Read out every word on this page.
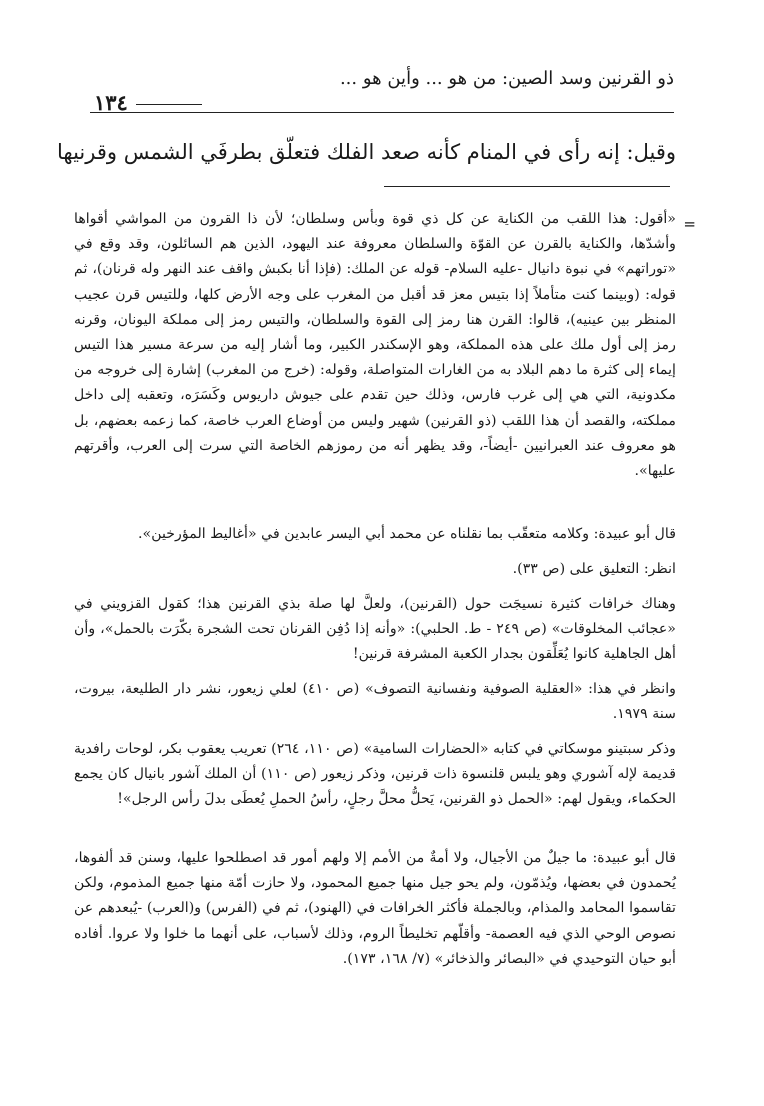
ذو القرنين وسد الصين: من هو ... وأين هو ...
١٣٤
وقيل: إنه رأى في المنام كأنه صعد الفلك فتعلّق بطرفَي الشمس وقرنيها
=
«أقول: هذا اللقب من الكناية عن كل ذي قوة وبأس وسلطان؛ لأن ذا القرون من المواشي أقواها وأشدّها، والكناية بالقرن عن القوّة والسلطان معروفة عند اليهود، الذين هم السائلون، وقد وقع في «توراتهم» في نبوة دانيال -عليه السلام- قوله عن الملك: (فإذا أنا بكبش واقف عند النهر وله قرنان)، ثم قوله: (وبينما كنت متأملاً إذا بتيس معز قد أقبل من المغرب على وجه الأرض كلها، وللتيس قرن عجيب المنظر بين عينيه)، قالوا: القرن هنا رمز إلى القوة والسلطان، والتيس رمز إلى مملكة اليونان، وقرنه رمز إلى أول ملك على هذه المملكة، وهو الإسكندر الكبير، وما أشار إليه من سرعة مسير هذا التيس إيماء إلى كثرة ما دهم البلاد به من الغارات المتواصلة، وقوله: (خرج من المغرب) إشارة إلى خروجه من مكدونية، التي هي إلى غرب فارس، وذلك حين تقدم على جيوش داريوس وكَسَرَه، وتعقبه إلى داخل مملكته، والقصد أن هذا اللقب (ذو القرنين) شهير وليس من أوضاع العرب خاصة، كما زعمه بعضهم، بل هو معروف عند العبرانيين -أيضاً-، وقد يظهر أنه من رموزهم الخاصة التي سرت إلى العرب، وأقرتهم عليها».
قال أبو عبيدة: وكلامه متعقّب بما نقلناه عن محمد أبي اليسر عابدين في «أغاليط المؤرخين».
انظر: التعليق على (ص ٣٣).
وهناك خرافات كثيرة نسيجَت حول (القرنين)، ولعلَّ لها صلة بذي القرنين هذا؛ كقول القزويني في «عجائب المخلوقات» (ص ٢٤٩ - ط. الحلبي): «وأنه إذا دُفِن القرنان تحت الشجرة بكّرَت بالحمل»، وأن أهل الجاهلية كانوا يُعَلِّقون بجدار الكعبة المشرفة قرنين!
وانظر في هذا: «العقلية الصوفية ونفسانية التصوف» (ص ٤١٠) لعلي زيعور، نشر دار الطليعة، بيروت، سنة ١٩٧٩.
وذكر سبتينو موسكاتي في كتابه «الحضارات السامية» (ص ١١٠، ٢٦٤) تعريب يعقوب بكر، لوحات رافدية قديمة لإله آشوري وهو يلبس قلنسوة ذات قرنين، وذكر زيعور (ص ١١٠) أن الملك آشور بانيال كان يجمع الحكماء، ويقول لهم: «الحمل ذو القرنين، يَحلُّ محلَّ رجلٍ، رأسُ الحملِ يُعطَى بدلَ رأس الرجل»!
قال أبو عبيدة: ما جيلٌ من الأجيال، ولا أمةٌ من الأمم إلا ولهم أمور قد اصطلحوا عليها، وسنن قد ألفوها، يُحمدون في بعضها، ويُذمّون، ولم يحو جيل منها جميع المحمود، ولا حازت أمّة منها جميع المذموم، ولكن تقاسموا المحامد والمذام، وبالجملة فأكثر الخرافات في (الهنود)، ثم في (الفرس) و(العرب) -يُبعدهم عن نصوص الوحي الذي فيه العصمة- وأقلّهم تخليطاً الروم، وذلك لأسباب، على أنهما ما خلوا ولا عروا. أفاده أبو حيان التوحيدي في «البصائر والذخائر» (٧/ ١٦٨، ١٧٣).
